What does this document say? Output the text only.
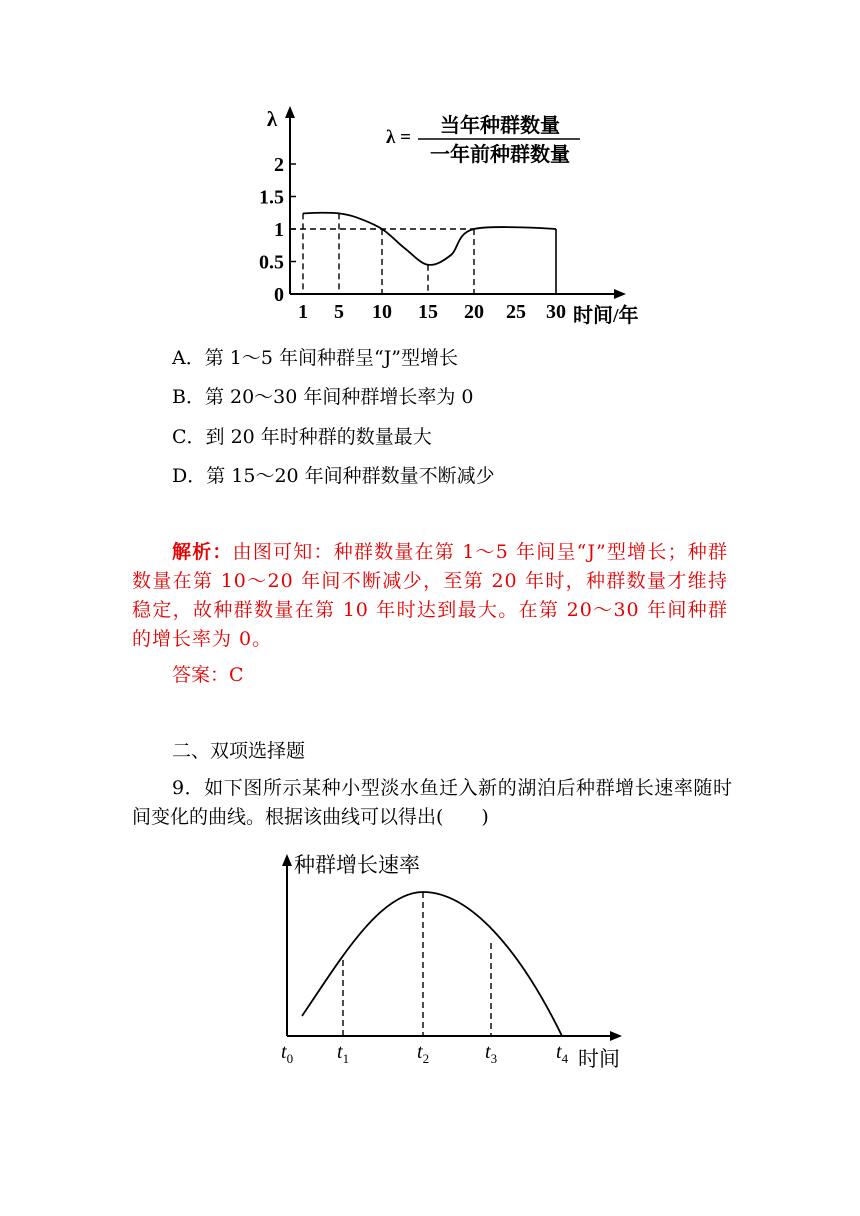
λ
λ =
当年种群数量
一年前种群数量
时间/年
0
0.5
1
1.5
2
1 5 10 15 20 25 30
A．第 1～5 年间种群呈“J”型增长
B．第 20～30 年间种群增长率为 0
C．到 20 年时种群的数量最大
D．第 15～20 年间种群数量不断减少
解析：由图可知：种群数量在第 1～5 年间呈“J”型增长；种群数量在第 10～20 年间不断减少，至第 20 年时，种群数量才维持稳定，故种群数量在第 10 年时达到最大。在第 20～30 年间种群的增长率为 0。
答案：C
二、双项选择题
9．如下图所示某种小型淡水鱼迁入新的湖泊后种群增长速率随时间变化的曲线。根据该曲线可以得出(　　)
种群增长速率
时间
$t_0$ $t_1$	$t_2$	$t_3$	$t_4$
